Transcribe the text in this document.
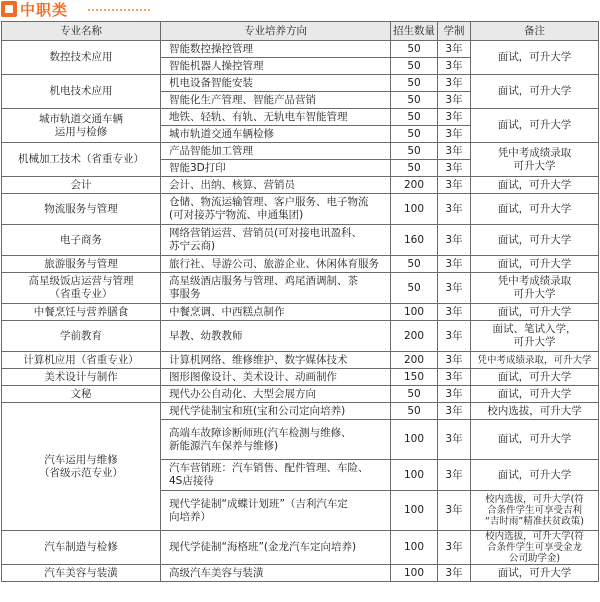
中职类
专业名称	专业培养方向	招生数量	学制	备注
数控技术应用	智能数控操控管理	50	3年	面试，可升大学
	智能机器人操控管理	50	3年	
机电技术应用	机电设备智能安装	50	3年	面试，可升大学
	智能化生产管理、智能产品营销	50	3年	
城市轨道交通车辆
运用与检修	地铁、轻轨、有轨、无轨电车智能管理	50	3年	面试，可升大学
	城市轨道交通车辆检修	50	3年	
机械加工技术（省重专业）	产品智能加工管理	50	3年	凭中考成绩录取
可升大学
	智能3D打印	50	3年	
会计	会计、出纳、核算、营销员	200	3年	面试，可升大学
物流服务与管理	仓储、物流运输管理、客户服务、电子物流
(可对接苏宁物流、申通集团)	100	3年	面试，可升大学
电子商务	网络营销运营、营销员(可对接电讯盈科、
苏宁云商)	160	3年	面试，可升大学
旅游服务与管理	旅行社、导游公司、旅游企业、休闲体育服务	50	3年	面试，可升大学
高星级饭店运营与管理
（省重专业）	高星级酒店服务与管理、鸡尾酒调制、茶
事服务	50	3年	凭中考成绩录取
可升大学
中餐烹饪与营养膳食	中餐烹调、中西糕点制作	100	3年	面试，可升大学
学前教育	早教、幼教教师	200	3年	面试、笔试入学，
可升大学
计算机应用（省重专业）	计算机网络、维修维护、数字媒体技术	200	3年	凭中考成绩录取，可升大学
美术设计与制作	图形图像设计、美术设计、动画制作	150	3年	面试，可升大学
文秘	现代办公自动化、大型会展方向	50	3年	面试，可升大学
汽车运用与维修
（省级示范专业）	现代学徒制宝和班(宝和公司定向培养)	50	3年	校内选拔，可升大学
	高端车故障诊断师班(汽车检测与维修、
新能源汽车保养与维修)	100	3年	面试，可升大学
	汽车营销班：汽车销售、配件管理、车险、
4S店接待	100	3年	面试，可升大学
	现代学徒制“成蝶计划班”（吉利汽车定
向培养）	100	3年	校内选拔，可升大学(符
合条件学生可享受吉利
“吉时雨”精准扶贫政策)
汽车制造与检修	现代学徒制“海格班”(金龙汽车定向培养)	100	3年	校内选拔，可升大学(符
合条件学生可享受金龙
公司助学金)
汽车美容与装潢	高级汽车美容与装潢	100	3年	面试，可升大学
